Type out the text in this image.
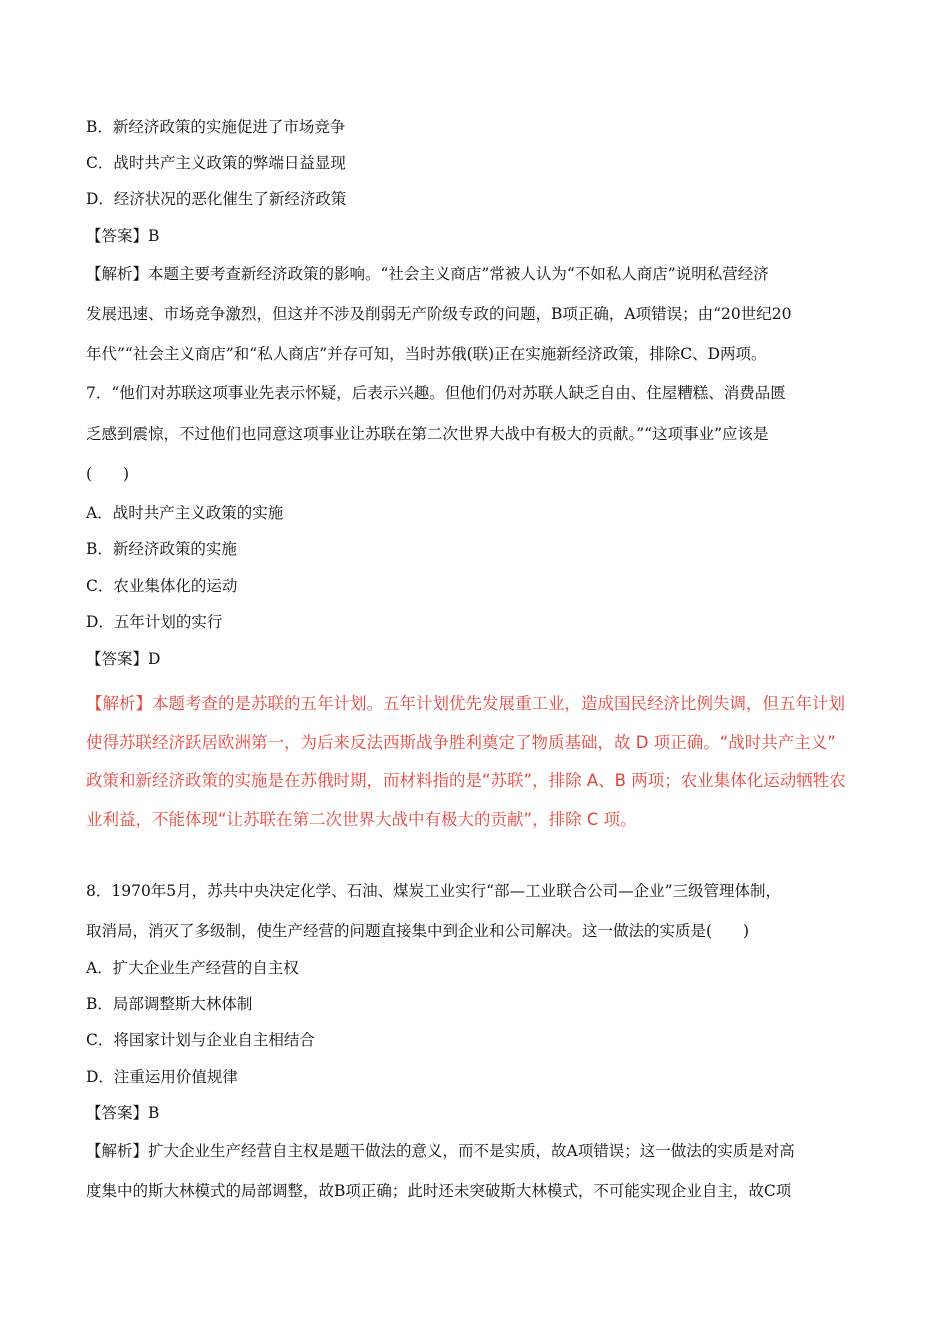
B．新经济政策的实施促进了市场竞争
C．战时共产主义政策的弊端日益显现
D．经济状况的恶化催生了新经济政策
【答案】B
【解析】本题主要考查新经济政策的影响。“社会主义商店”常被人认为“不如私人商店”说明私营经济
发展迅速、市场竞争激烈，但这并不涉及削弱无产阶级专政的问题，B项正确，A项错误；由“20世纪20
年代”“社会主义商店”和“私人商店”并存可知，当时苏俄(联)正在实施新经济政策，排除C、D两项。
7．“他们对苏联这项事业先表示怀疑，后表示兴趣。但他们仍对苏联人缺乏自由、住屋糟糕、消费品匮
乏感到震惊，不过他们也同意这项事业让苏联在第二次世界大战中有极大的贡献。”“这项事业”应该是
(　　)
A．战时共产主义政策的实施
B．新经济政策的实施
C．农业集体化的运动
D．五年计划的实行
【答案】D
【解析】本题考查的是苏联的五年计划。五年计划优先发展重工业，造成国民经济比例失调，但五年计划
使得苏联经济跃居欧洲第一，为后来反法西斯战争胜利奠定了物质基础，故 D 项正确。“战时共产主义”
政策和新经济政策的实施是在苏俄时期，而材料指的是“苏联”，排除 A、B 两项；农业集体化运动牺牲农
业利益，不能体现“让苏联在第二次世界大战中有极大的贡献”，排除 C 项。
8．1970年5月，苏共中央决定化学、石油、煤炭工业实行“部—工业联合公司—企业”三级管理体制，
取消局，消灭了多级制，使生产经营的问题直接集中到企业和公司解决。这一做法的实质是(　　)
A．扩大企业生产经营的自主权
B．局部调整斯大林体制
C．将国家计划与企业自主相结合
D．注重运用价值规律
【答案】B
【解析】扩大企业生产经营自主权是题干做法的意义，而不是实质，故A项错误；这一做法的实质是对高
度集中的斯大林模式的局部调整，故B项正确；此时还未突破斯大林模式，不可能实现企业自主，故C项
